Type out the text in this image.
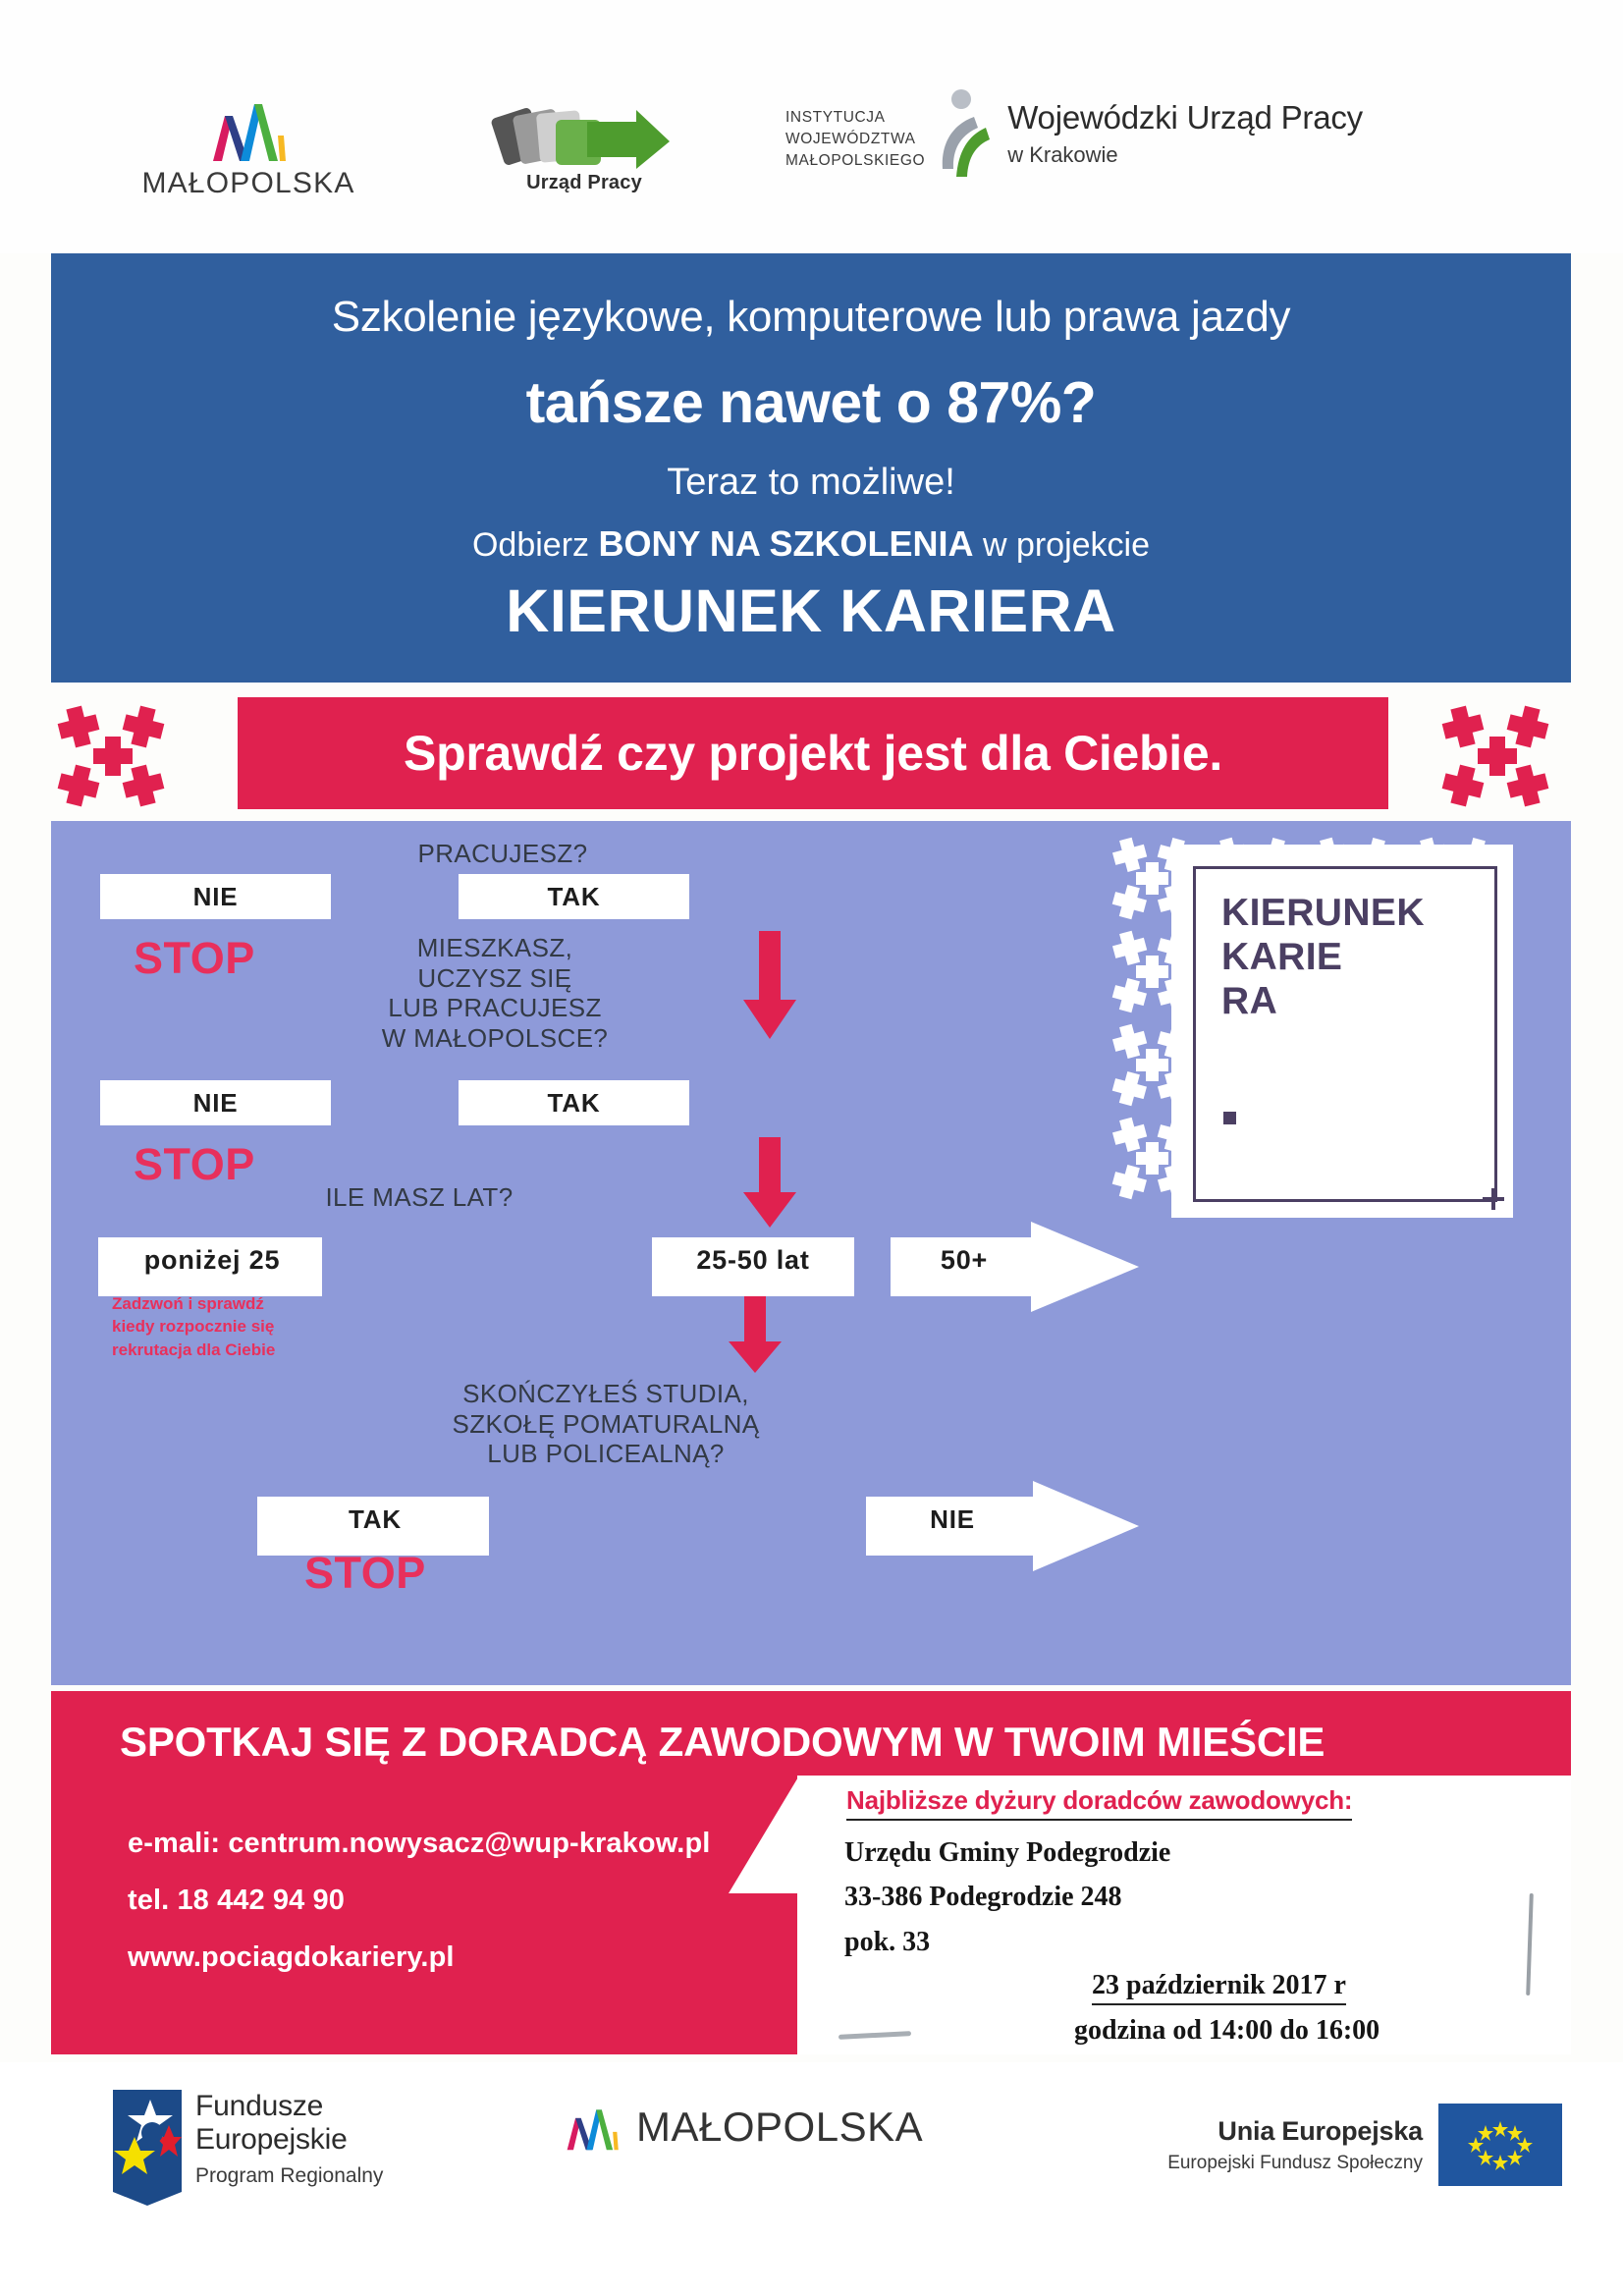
MAŁOPOLSKA	Urząd Pracy
INSTYTUCJA
WOJEWÓDZTWA
MAŁOPOLSKIEGO
Wojewódzki Urząd Pracy
w Krakowie
Szkolenie językowe, komputerowe lub prawa jazdy
tańsze nawet o 87%?
Teraz to możliwe!
Odbierz BONY NA SZKOLENIA w projekcie
KIERUNEK KARIERA
Sprawdź czy projekt jest dla Ciebie.
PRACUJESZ?
NIE	TAK
STOP	MIESZKASZ,
UCZYSZ SIĘ
LUB PRACUJESZ
W MAŁOPOLSCE?
NIE	TAK
STOP
ILE MASZ LAT?
poniżej 25	25-50 lat	50+
Zadzwoń i sprawdź
kiedy rozpocznie się
rekrutacja dla Ciebie
SKOŃCZYŁEŚ STUDIA,
SZKOŁĘ POMATURALNĄ
LUB POLICEALNĄ?
TAK	NIE
STOP
KIERUNEK
KARIE
RA
SPOTKAJ SIĘ Z DORADCĄ ZAWODOWYM W TWOIM MIEŚCIE
e-mali: centrum.nowysacz@wup-krakow.pl
tel. 18 442 94 90
www.pociagdokariery.pl
Najbliższe dyżury doradców zawodowych:
Urzędu Gminy Podegrodzie
33-386 Podegrodzie 248
pok. 33
23 październik 2017 r
godzina od 14:00 do 16:00
Fundusze
Europejskie
Program Regionalny
MAŁOPOLSKA	Unia Europejska
Europejski Fundusz Społeczny
